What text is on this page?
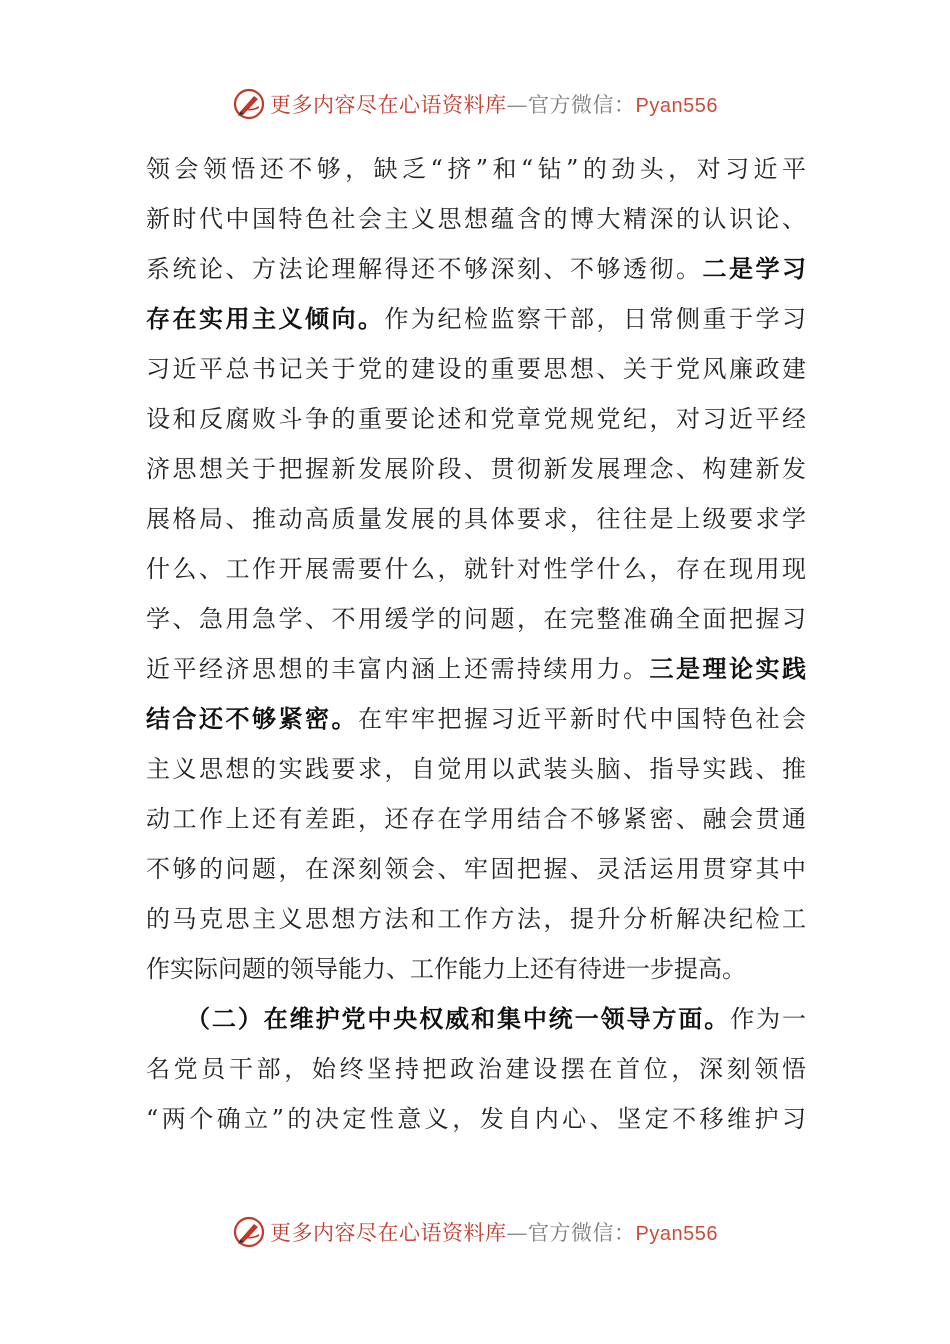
更多内容尽在心语资料库—官方微信：Pyan556
领会领悟还不够，缺乏“挤”和“钻”的劲头，对习近平
新时代中国特色社会主义思想蕴含的博大精深的认识论、
系统论、方法论理解得还不够深刻、不够透彻。二是学习
存在实用主义倾向。作为纪检监察干部，日常侧重于学习
习近平总书记关于党的建设的重要思想、关于党风廉政建
设和反腐败斗争的重要论述和党章党规党纪，对习近平经
济思想关于把握新发展阶段、贯彻新发展理念、构建新发
展格局、推动高质量发展的具体要求，往往是上级要求学
什么、工作开展需要什么，就针对性学什么，存在现用现
学、急用急学、不用缓学的问题，在完整准确全面把握习
近平经济思想的丰富内涵上还需持续用力。三是理论实践
结合还不够紧密。在牢牢把握习近平新时代中国特色社会
主义思想的实践要求，自觉用以武装头脑、指导实践、推
动工作上还有差距，还存在学用结合不够紧密、融会贯通
不够的问题，在深刻领会、牢固把握、灵活运用贯穿其中
的马克思主义思想方法和工作方法，提升分析解决纪检工
作实际问题的领导能力、工作能力上还有待进一步提高。
（二）在维护党中央权威和集中统一领导方面。作为一
名党员干部，始终坚持把政治建设摆在首位，深刻领悟
“两个确立”的决定性意义，发自内心、坚定不移维护习
更多内容尽在心语资料库—官方微信：Pyan556
